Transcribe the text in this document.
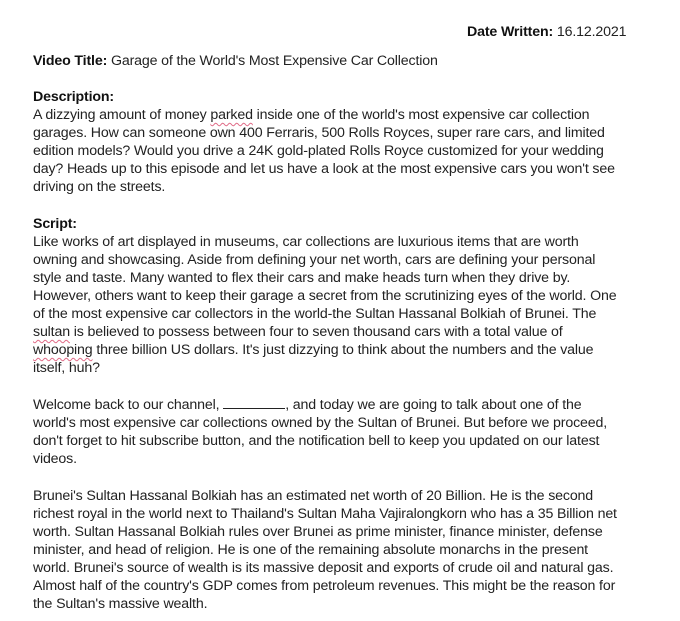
Date Written: 16.12.2021
Video Title: Garage of the World's Most Expensive Car Collection
Description:
A dizzying amount of money parked inside one of the world's most expensive car collection
garages. How can someone own 400 Ferraris, 500 Rolls Royces, super rare cars, and limited
edition models? Would you drive a 24K gold-plated Rolls Royce customized for your wedding
day? Heads up to this episode and let us have a look at the most expensive cars you won't see
driving on the streets.
Script:
Like works of art displayed in museums, car collections are luxurious items that are worth
owning and showcasing. Aside from defining your net worth, cars are defining your personal
style and taste. Many wanted to flex their cars and make heads turn when they drive by.
However, others want to keep their garage a secret from the scrutinizing eyes of the world. One
of the most expensive car collectors in the world-the Sultan Hassanal Bolkiah of Brunei. The
sultan is believed to possess between four to seven thousand cars with a total value of
whooping three billion US dollars. It's just dizzying to think about the numbers and the value
itself, huh?
Welcome back to our channel,	, and today we are going to talk about one of the
world's most expensive car collections owned by the Sultan of Brunei. But before we proceed,
don't forget to hit subscribe button, and the notification bell to keep you updated on our latest
videos.
Brunei's Sultan Hassanal Bolkiah has an estimated net worth of 20 Billion. He is the second
richest royal in the world next to Thailand's Sultan Maha Vajiralongkorn who has a 35 Billion net
worth. Sultan Hassanal Bolkiah rules over Brunei as prime minister, finance minister, defense
minister, and head of religion. He is one of the remaining absolute monarchs in the present
world. Brunei's source of wealth is its massive deposit and exports of crude oil and natural gas.
Almost half of the country's GDP comes from petroleum revenues. This might be the reason for
the Sultan's massive wealth.
